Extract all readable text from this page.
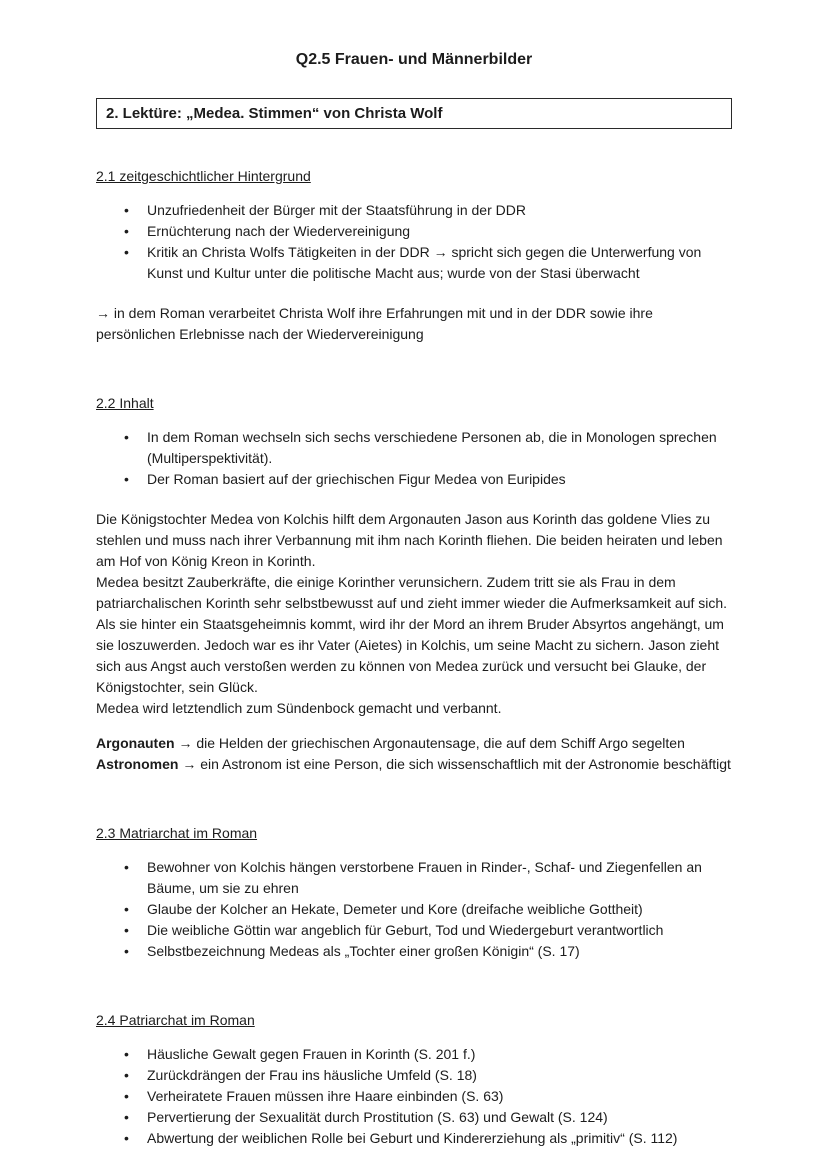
Q2.5 Frauen- und Männerbilder
2. Lektüre: „Medea. Stimmen“ von Christa Wolf
2.1 zeitgeschichtlicher Hintergrund
• Unzufriedenheit der Bürger mit der Staatsführung in der DDR
• Ernüchterung nach der Wiedervereinigung
• Kritik an Christa Wolfs Tätigkeiten in der DDR → spricht sich gegen die Unterwerfung von Kunst und Kultur unter die politische Macht aus; wurde von der Stasi überwacht

→ in dem Roman verarbeitet Christa Wolf ihre Erfahrungen mit und in der DDR sowie ihre persönlichen Erlebnisse nach der Wiedervereinigung

2.2 Inhalt
• In dem Roman wechseln sich sechs verschiedene Personen ab, die in Monologen sprechen (Multiperspektivität).
• Der Roman basiert auf der griechischen Figur Medea von Euripides

Die Königstochter Medea von Kolchis hilft dem Argonauten Jason aus Korinth das goldene Vlies zu stehlen und muss nach ihrer Verbannung mit ihm nach Korinth fliehen. Die beiden heiraten und leben am Hof von König Kreon in Korinth.

Medea besitzt Zauberkräfte, die einige Korinther verunsichern. Zudem tritt sie als Frau in dem patriarchalischen Korinth sehr selbstbewusst auf und zieht immer wieder die Aufmerksamkeit auf sich. Als sie hinter ein Staatsgeheimnis kommt, wird ihr der Mord an ihrem Bruder Absyrtos angehängt, um sie loszuwerden. Jedoch war es ihr Vater (Aietes) in Kolchis, um seine Macht zu sichern. Jason zieht sich aus Angst auch verstoßen werden zu können von Medea zurück und versucht bei Glauke, der Königstochter, sein Glück.

Medea wird letztendlich zum Sündenbock gemacht und verbannt.

Argonauten → die Helden der griechischen Argonautensage, die auf dem Schiff Argo segelten

Astronomen → ein Astronom ist eine Person, die sich wissenschaftlich mit der Astronomie beschäftigt

2.3 Matriarchat im Roman
• Bewohner von Kolchis hängen verstorbene Frauen in Rinder-, Schaf- und Ziegenfellen an Bäume, um sie zu ehren
• Glaube der Kolcher an Hekate, Demeter und Kore (dreifache weibliche Gottheit)
• Die weibliche Göttin war angeblich für Geburt, Tod und Wiedergeburt verantwortlich
• Selbstbezeichnung Medeas als „Tochter einer großen Königin“ (S. 17)
2.4 Patriarchat im Roman
• Häusliche Gewalt gegen Frauen in Korinth (S. 201 f.)
• Zurückdrängen der Frau ins häusliche Umfeld (S. 18)
• Verheiratete Frauen müssen ihre Haare einbinden (S. 63)
• Pervertierung der Sexualität durch Prostitution (S. 63) und Gewalt (S. 124)
• Abwertung der weiblichen Rolle bei Geburt und Kindererziehung als „primitiv“ (S. 112)
